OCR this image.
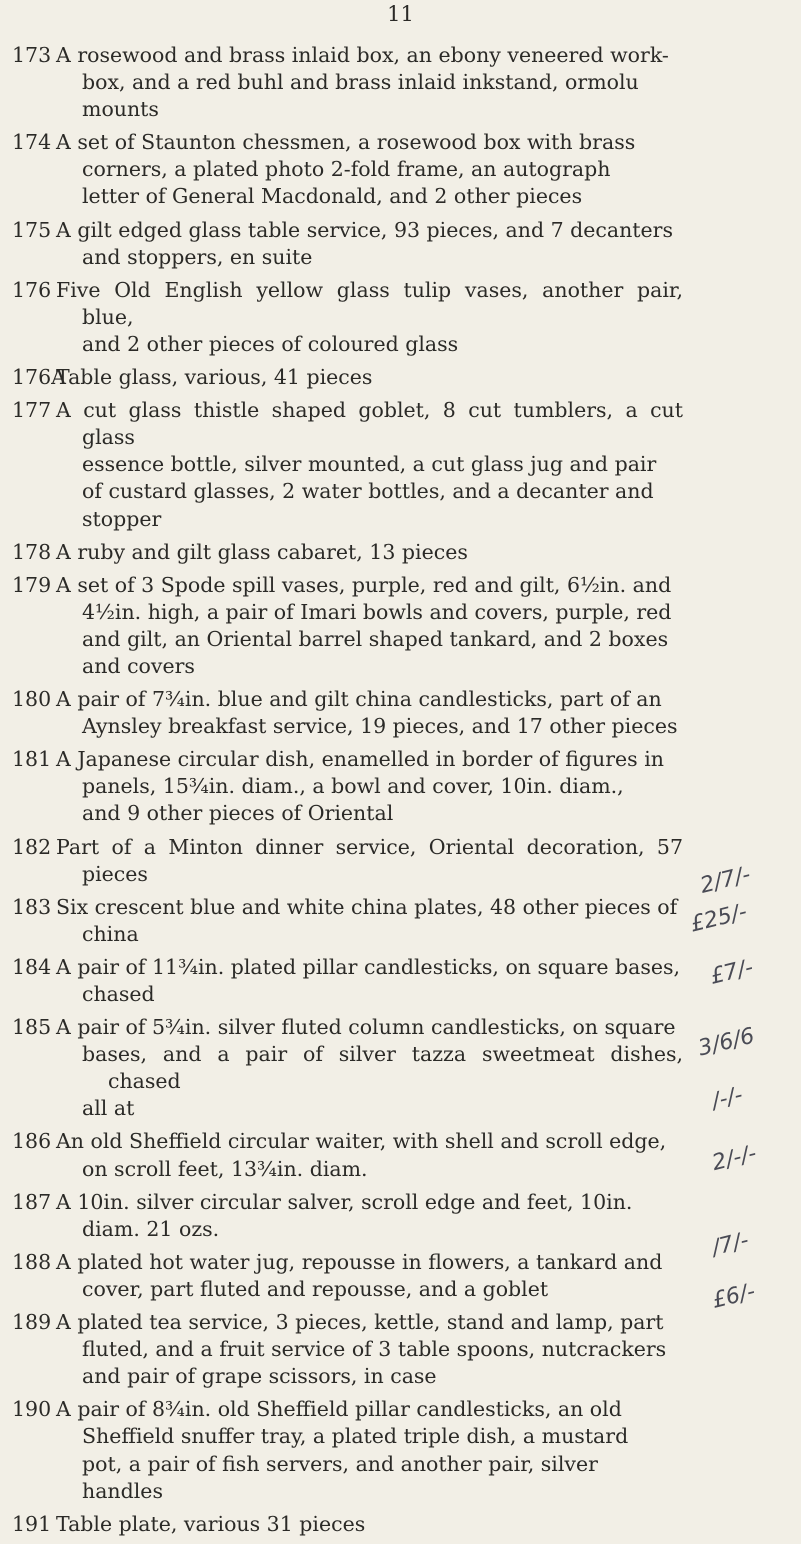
11
173 A rosewood and brass inlaid box, an ebony veneered work-
box, and a red buhl and brass inlaid inkstand, ormolu
mounts
174 A set of Staunton chessmen, a rosewood box with brass
corners, a plated photo 2-fold frame, an autograph
letter of General Macdonald, and 2 other pieces
175 A gilt edged glass table service, 93 pieces, and 7 decanters
and stoppers, en suite
176 Five Old English yellow glass tulip vases, another pair, blue,
and 2 other pieces of coloured glass
176A
Table glass, various, 41 pieces
177 A cut glass thistle shaped goblet, 8 cut tumblers, a cut glass
essence bottle, silver mounted, a cut glass jug and pair
of custard glasses, 2 water bottles, and a decanter and
stopper
178 A ruby and gilt glass cabaret, 13 pieces
179 A set of 3 Spode spill vases, purple, red and gilt, 6½in. and
4½in. high, a pair of Imari bowls and covers, purple, red
and gilt, an Oriental barrel shaped tankard, and 2 boxes
and covers
180 A pair of 7¾in. blue and gilt china candlesticks, part of an
Aynsley breakfast service, 19 pieces, and 17 other pieces
181 A Japanese circular dish, enamelled in border of figures in
panels, 15¾in. diam., a bowl and cover, 10in. diam.,
and 9 other pieces of Oriental
182 Part of a Minton dinner service, Oriental decoration, 57 pieces
183 Six crescent blue and white china plates, 48 other pieces of
china
184 A pair of 11¾in. plated pillar candlesticks, on square bases,
chased
185 A pair of 5¾in. silver fluted column candlesticks, on square
bases, and a pair of silver tazza sweetmeat dishes, chased
all at
186 An old Sheffield circular waiter, with shell and scroll edge,
on scroll feet, 13¾in. diam.
187 A 10in. silver circular salver, scroll edge and feet, 10in.
diam. 21 ozs.
188 A plated hot water jug, repousse in flowers, a tankard and
cover, part fluted and repousse, and a goblet
189 A plated tea service, 3 pieces, kettle, stand and lamp, part
fluted, and a fruit service of 3 table spoons, nutcrackers
and pair of grape scissors, in case
190 A pair of 8¾in. old Sheffield pillar candlesticks, an old
Sheffield snuffer tray, a plated triple dish, a mustard
pot, a pair of fish servers, and another pair, silver
handles
191 Table plate, various 31 pieces
2/7/-
£25/-
£7/-
3/6/6
/-/-
2/-/-
/7/-
£6/-
